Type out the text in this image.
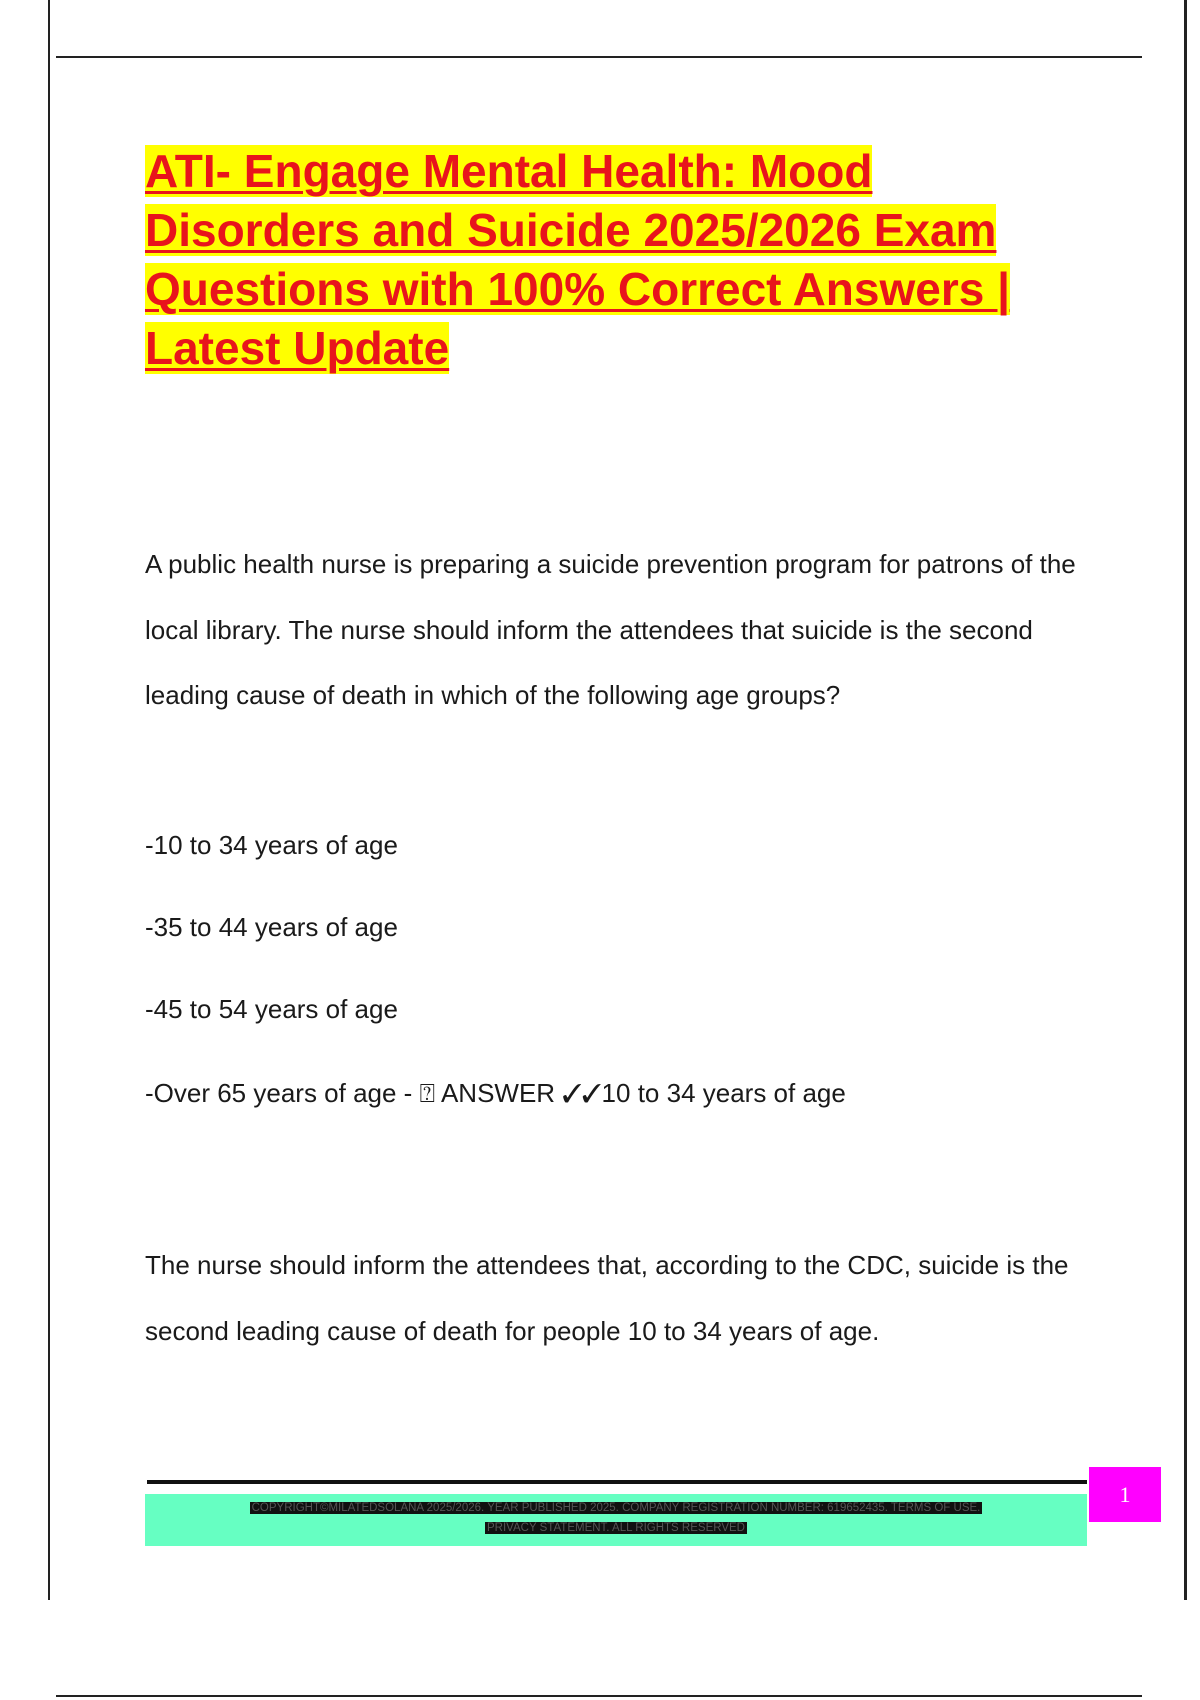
ATI- Engage Mental Health: Mood Disorders and Suicide 2025/2026 Exam Questions with 100% Correct Answers | Latest Update

A public health nurse is preparing a suicide prevention program for patrons of the local library. The nurse should inform the attendees that suicide is the second leading cause of death in which of the following age groups?

-10 to 34 years of age

-35 to 44 years of age

-45 to 54 years of age

-Over 65 years of age - ⍰ ANSWER ✓✓10 to 34 years of age

The nurse should inform the attendees that, according to the CDC, suicide is the second leading cause of death for people 10 to 34 years of age.

COPYRIGHT©MILATEDSOLANA 2025/2026. YEAR PUBLISHED 2025. COMPANY REGISTRATION NUMBER: 619652435. TERMS OF USE.
PRIVACY STATEMENT. ALL RIGHTS RESERVED
1
